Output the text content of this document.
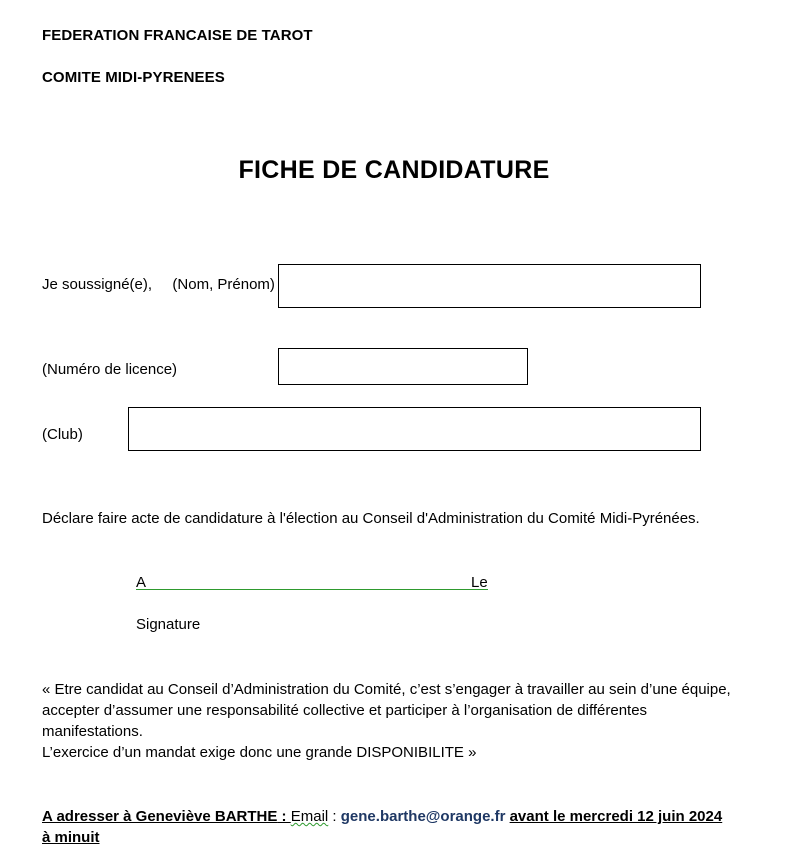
FEDERATION FRANCAISE DE TAROT
COMITE MIDI-PYRENEES
FICHE DE CANDIDATURE
Je soussigné(e), (Nom, Prénom)
(Numéro de licence)
(Club)
Déclare faire acte de candidature à l'élection au Conseil d'Administration du Comité Midi-Pyrénées.
A	Le
Signature
« Etre candidat au Conseil d’Administration du Comité, c’est s’engager à travailler au sein d’une équipe,
accepter d’assumer une responsabilité collective et participer à l’organisation de différentes
manifestations.
L’exercice d’un mandat exige donc une grande DISPONIBILITE »
A adresser à Geneviève BARTHE : Email : gene.barthe@orange.fr avant le mercredi 12 juin 2024
à minuit
